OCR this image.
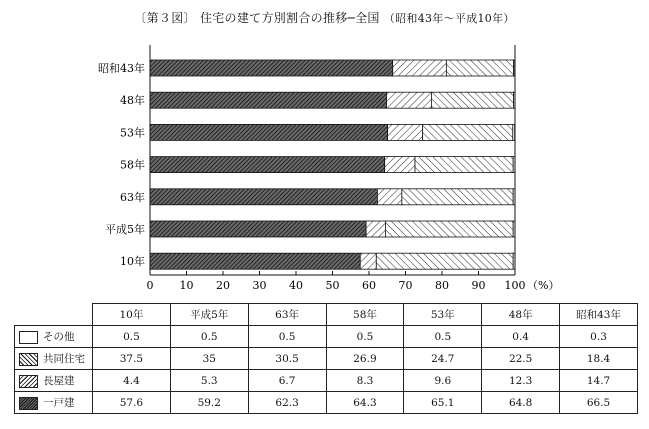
〔第３図〕 住宅の建て方別割合の推移─全国 （昭和43年～平成10年）
昭和43年
48年
53年
58年
63年
平成5年
10年
0 10 20 30 40 50 60 70 80 90 100 （%）
	10年	平成5年	63年	58年	53年	48年	昭和43年
その他	0.5	0.5	0.5	0.5	0.5	0.4	0.3
共同住宅	37.5	35	30.5	26.9	24.7	22.5	18.4
長屋建	4.4	5.3	6.7	8.3	9.6	12.3	14.7
一戸建	57.6	59.2	62.3	64.3	65.1	64.8	66.5
